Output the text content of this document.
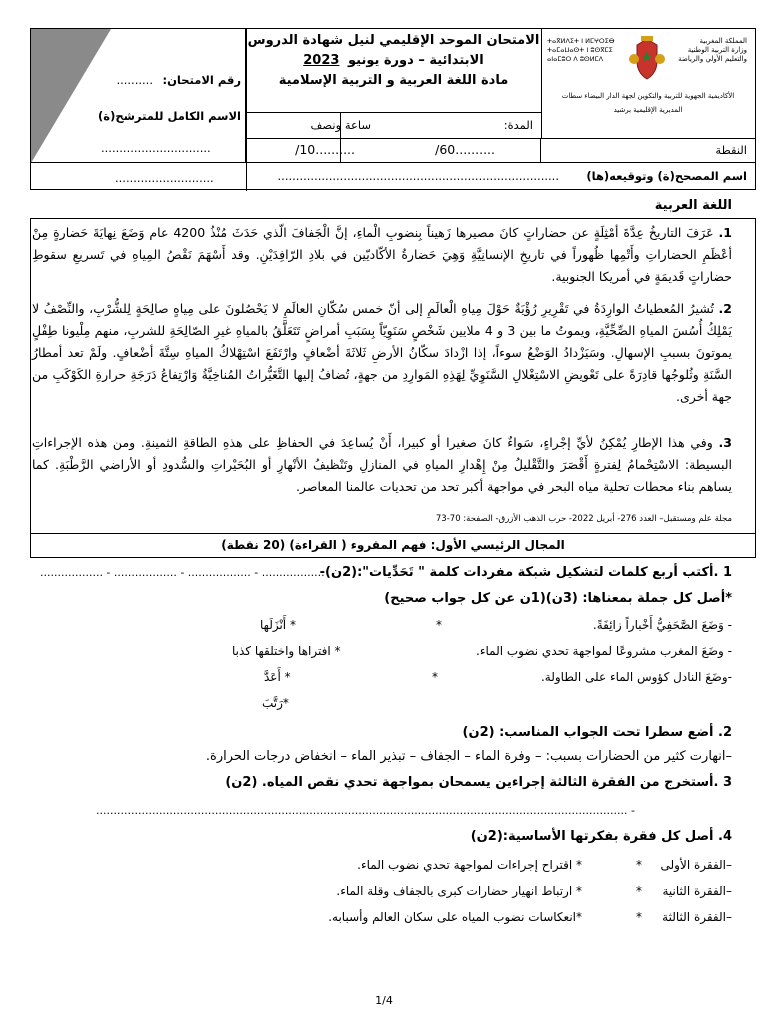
المملكة المغربية
وزارة التربية الوطنية
والتعليم الأولي والرياضة
ⵜⴰⴳⵍⴷⵉⵜ ⵏ ⵍⵎⵖⵔⵉⴱ
ⵜⴰⵎⴰⵡⴰⵙⵜ ⵏ ⵓⵙⴳⵎⵉ
ⴰⵏⴰⵎⵓⵔ ⴷ ⵓⵙⵍⵎⴷ
الأكاديمية الجهوية للتربية والتكوين لجهة الدار البيضاء سطات
المديرية الإقليمية برشيد
الامتحان الموحد الإقليمي لنيل شهادة الدروس
الابتدائية – دورة يونيو 2023
مادة اللغة العربية و التربية الإسلامية
المدة:
ساعة ونصف
النقطة
/60..........
/10..........
رقم الامتحان:
..........
الاسم الكامل للمترشح(ة)
..............................
...........................	اسم المصحح(ة) وتوقيعه(ها)
.............................................................................
اللغة العربية
1. عَرَفَ التاريخُ عِدَّةَ أمْثِلَةٍ عن حضاراتٍ كانَ مصيرها زَهيناً بِنضوبِ الْماءِ، إنَّ الْجَفافَ الّذي حَدَثَ مُنْذُ 4200 عام وَضَعَ نِهايَةَ حَضارةٍ مِنْ أعْظَمِ الحضاراتِ وأَتْمِها ظُهوراً في تاريخِ الإنسانِيَّةِ وَهِيَ حَضارةُ الأكّاديّين في بلادِ الرّافِدَيْنِ. وقد أَسْهَمَ نَقْصُ المِياهِ في تَسريعِ سقوطِ حضاراتٍ قَديمَةٍ في أمريكا الجنوبية.
2. تُشيرُ المُعطياتُ الوارِدَةُ في تَقْرِيرِ رُؤْيَةٌ حَوْلَ مِياهِ الْعالَمِ إلى أنّ خمس سُكّانِ العالَمِ لا يَحْصُلونَ على مِياهٍ صالِحَةٍ لِلشُّرْبِ، والنِّصْفُ لا يَمْلِكُ أُسُسَ المياهِ الصِّحِّيَّةِ، ويموتُ ما بين 3 و 4 ملايين شَخْصٍ سَنَوِيّاً بِسَبَبِ أمراضٍ تَتَعَلَّقُ بالمياهِ غيرِ الصّالِحَةِ للشربِ، منهم مِلْيونا طِفْلٍ يموتونَ بسببِ الإسهالِ. وسَيَزْدادُ الوَضْعُ سوءاً، إذا ازْدادَ سكّانُ الأرضِ ثَلاثَةَ أضْعافٍ وارْتَفَعَ اسْتِهْلاكُ المياهِ سِتَّةَ أضْعافٍ. ولَمْ تعد أمطارُ السَّنَةِ وثُلوجُها قادِرَةً على تَعْويضِ الاسْتِغْلالِ السَّنَوِيِّ لِهَذِهِ المَوارِدِ من جهةٍ، تُضافُ إليها التَّغَيُّراتُ المُناخِيَّةُ وَارْتِفاعُ دَرَجَةِ حرارةِ الكَوْكَبِ من جهة أخرى.
3. وفي هذا الإطارِ يُمْكِنُ لأيِّ إجْراءٍ، سَواءٌ كانَ صغيرا أو كبيرا، أَنْ يُساعِدَ في الحفاظِ على هذهِ الطاقةِ الثمينةِ. ومن هذه الإجراءاتِ البسيطة: الاسْتِحْمامُ لِفترةٍ أَقْصَرَ والتَّقْليلُ مِنْ إِهْدارِ المياهِ في المنازلِ وتَنْظيفُ الأنْهارِ أو البُحَيْراتِ والسُّدودِ أو الأراضي الرَّطْبَةِ. كما يساهم بناء محطات تحلية مياه البحر في مواجهة أكبر تحد من تحديات عالمنا المعاصر.
مجلة علم ومستقبل– العدد 276- أبريل 2022- حرب الذهب الأزرق- الصفحة: 70-73
المجال الرئيسي الأول: فهم المقروء ( القراءة) (20 نقطة)
1 .أكتب أربع كلمات لتشكيل شبكة مفردات كلمة " تَحَدِّيات":(2ن)-
.................. - .................. - .................. - ..................
*أصل كل جملة بمعناها: (3ن)(1ن عن كل جواب صحيح)
- وَضَعَ الصَّحَفِيُّ أَخْباراً زائِفَةً.
- وضَعَ المغرب مشروعًا لمواجهة تحدي نضوب الماء.
-وضَعَ النادل كؤوس الماء على الطاولة.
*
*
* أَنْزَلَها
* افتراها واختلقها كذبا
* أَعَدَّ
*رَتَّبَ
2. أضع سطرا تحت الجواب المناسب: (2ن)
–انهارت كثير من الحضارات بسبب: – وفرة الماء – الجفاف – تبذير الماء – انخفاض درجات الحرارة.
3 .أستخرج من الفقرة الثالثة إجراءين يسمحان بمواجهة تحدي نقص المياه. (2ن)
- ........................................................................................................................................................
4. أصل كل فقرة بفكرتها الأساسية:(2ن)
–الفقرة الأولى
–الفقرة الثانية
–الفقرة الثالثة
*
*
*
* اقتراح إجراءات لمواجهة تحدي نضوب الماء.
* ارتباط انهيار حضارات كبرى بالجفاف وقلة الماء.
*انعكاسات نضوب المياه على سكان العالم وأسبابه.
1/4
